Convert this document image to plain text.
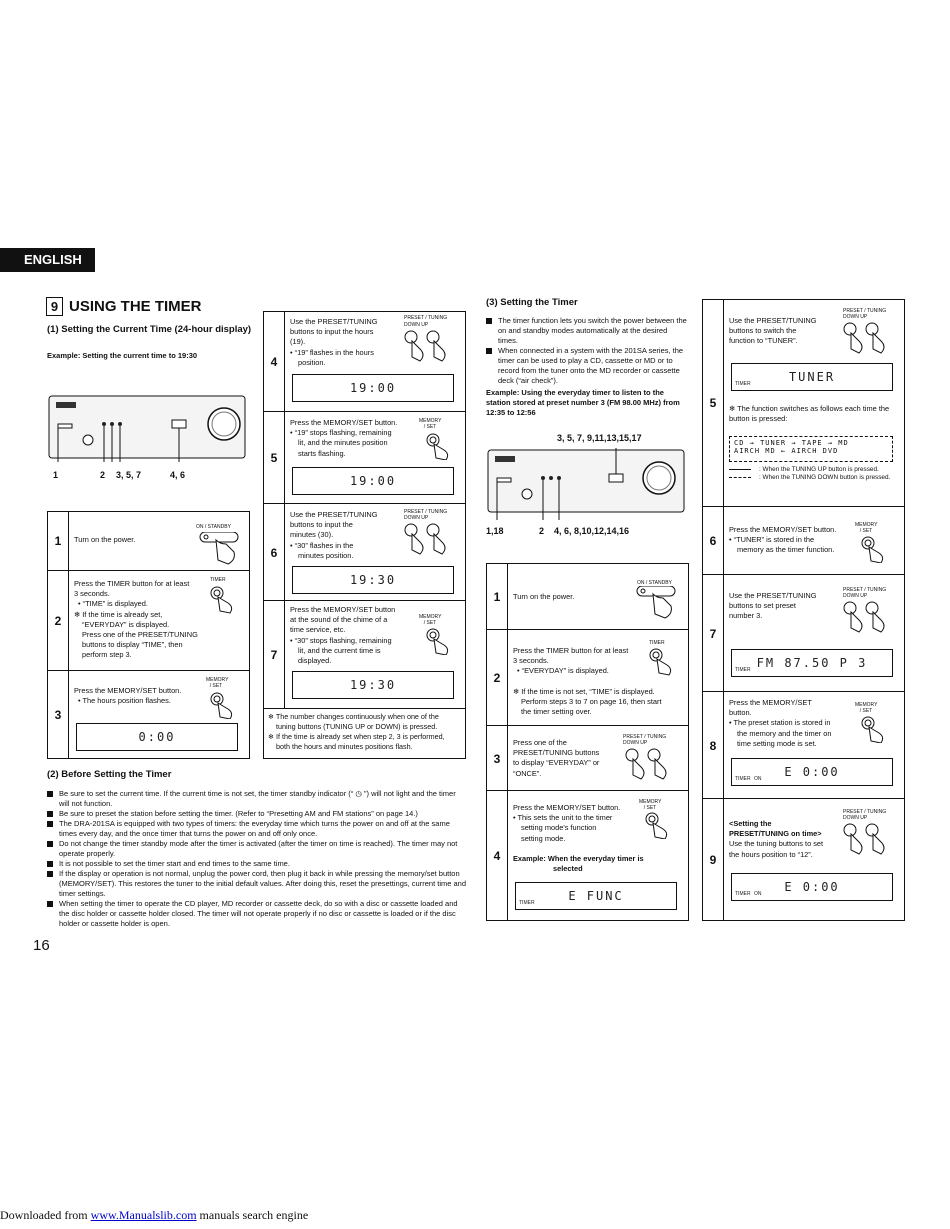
ENGLISH
9 USING THE TIMER
(1) Setting the Current Time (24-hour display)
Example: Setting the current time to 19:30
1	2 3, 5, 7	4, 6
1	Turn on the power.
ON / STANDBY
2
Press the TIMER button for at least
3 seconds.
• “TIME” is displayed.
❄ If the time is already set,
“EVERYDAY” is displayed.
Press one of the PRESET/TUNING
buttons to display “TIME”, then
perform step 3.
TIMER
3
Press the MEMORY/SET button.
• The hours position flashes.
MEMORY / SET
0:00
4
Use the PRESET/TUNING
buttons to input the hours
(19).
• “19” flashes in the hours
position.
PRESET / TUNING
DOWN UP
19:00
5
Press the MEMORY/SET button.
• “19” stops flashing, remaining
lit, and the minutes position
starts flashing.
MEMORY / SET
19:00
6
Use the PRESET/TUNING
buttons to input the
minutes (30).
• “30” flashes in the
minutes position.
PRESET / TUNING
DOWN UP
19:30
7
Press the MEMORY/SET button
at the sound of the chime of a
time service, etc.
• “30” stops flashing, remaining
lit, and the current time is
displayed.
MEMORY / SET
19:30
❄ The number changes continuously when one of the
tuning buttons (TUNING UP or DOWN) is pressed.
❄ If the time is already set when step 2, 3 is performed,
both the hours and minutes positions flash.
(2) Before Setting the Timer
Be sure to set the current time. If the current time is not set, the timer standby indicator (“ ◷ ”) will not light and the timer will not function.
Be sure to preset the station before setting the timer. (Refer to “Presetting AM and FM stations” on page 14.)
The DRA-201SA is equipped with two types of timers: the everyday time which turns the power on and off at the same times every day, and the once timer that turns the power on and off only once.
Do not change the timer standby mode after the timer is activated (after the timer on time is reached). The timer may not operate properly.
It is not possible to set the timer start and end times to the same time.
If the display or operation is not normal, unplug the power cord, then plug it back in while pressing the memory/set button (MEMORY/SET). This restores the tuner to the initial default values. After doing this, reset the presettings, current time and timer settings.
When setting the timer to operate the CD player, MD recorder or cassette deck, do so with a disc or cassette loaded and the disc holder or cassette holder closed. The timer will not operate properly if no disc or cassette is loaded or if the disc holder or cassette holder is open.
16
(3) Setting the Timer
The timer function lets you switch the power between the on and standby modes automatically at the desired times.
When connected in a system with the 201SA series, the timer can be used to play a CD, cassette or MD or to record from the tuner onto the MD recorder or cassette deck (“air check”).
Example: Using the everyday timer to listen to the station stored at preset number 3 (FM 98.00 MHz) from 12:35 to 12:56
3, 5, 7, 9,11,13,15,17
1,18	2 4, 6, 8,10,12,14,16
1	Turn on the power.
ON / STANDBY
2
Press the TIMER button for at least
3 seconds.
• “EVERYDAY” is displayed.

❄ If the time is not set, “TIME” is displayed.
Perform steps 3 to 7 on page 16, then start
the timer setting over.
TIMER
3
Press one of the
PRESET/TUNING buttons
to display “EVERYDAY” or
“ONCE”.
PRESET / TUNING
DOWN UP
4
Press the MEMORY/SET button.
• This sets the unit to the timer
setting mode's function
setting mode.

Example: When the everyday timer is
selected
MEMORY / SET
E FUNC
TIMER
5
Use the PRESET/TUNING
buttons to switch the
function to “TUNER”.
PRESET / TUNING
DOWN UP
TUNER
TIMER
❄ The function switches as follows each time the button is pressed:
CD → TUNER → TAPE → MD
AIRCH MD ← AIRCH DVD
: When the TUNING UP button is pressed.
: When the TUNING DOWN button is pressed.
6
Press the MEMORY/SET button.
• “TUNER” is stored in the
memory as the timer function.
MEMORY / SET
7
Use the PRESET/TUNING
buttons to set preset
number 3.
PRESET / TUNING
DOWN UP
FM 87.50 P 3
TIMER
8
Press the MEMORY/SET
button.
• The preset station is stored in
the memory and the timer on
time setting mode is set.
MEMORY / SET
E 0:00
TIMER ON
9
<Setting the
PRESET/TUNING on time>
Use the tuning buttons to set
the hours position to “12”.
PRESET / TUNING
DOWN UP
E 0:00
TIMER ON
Downloaded from www.Manualslib.com manuals search engine
